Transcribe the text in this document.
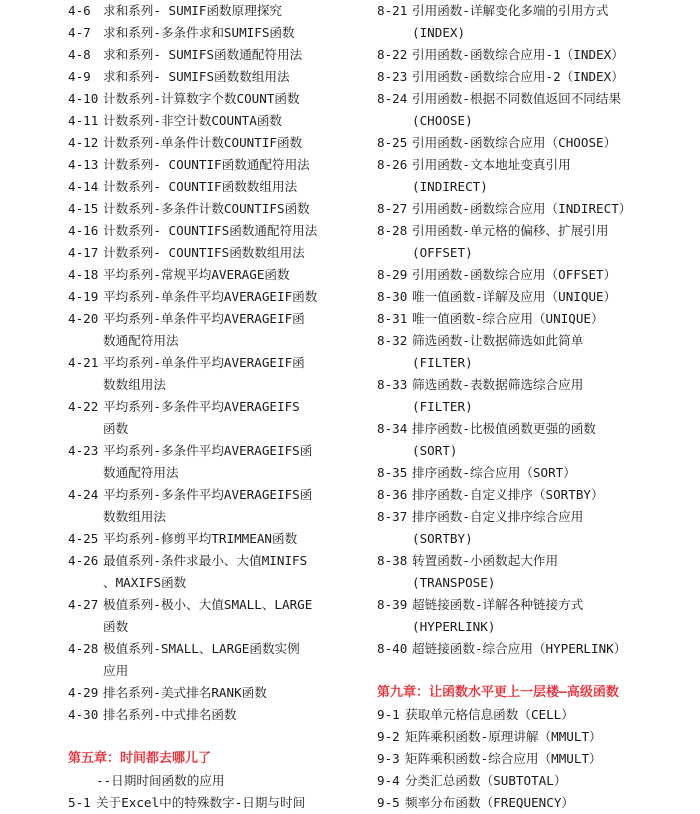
4-6 求和系列- SUMIF函数原理探究
4-7 求和系列-多条件求和SUMIFS函数
4-8 求和系列- SUMIFS函数通配符用法
4-9 求和系列- SUMIFS函数数组用法
4-10 计数系列-计算数字个数COUNT函数
4-11 计数系列-非空计数COUNTA函数
4-12 计数系列-单条件计数COUNTIF函数
4-13 计数系列- COUNTIF函数通配符用法
4-14 计数系列- COUNTIF函数数组用法
4-15 计数系列-多条件计数COUNTIFS函数
4-16 计数系列- COUNTIFS函数通配符用法
4-17 计数系列- COUNTIFS函数数组用法
4-18 平均系列-常规平均AVERAGE函数
4-19 平均系列-单条件平均AVERAGEIF函数
4-20 平均系列-单条件平均AVERAGEIF函
数通配符用法
4-21 平均系列-单条件平均AVERAGEIF函
数数组用法
4-22 平均系列-多条件平均AVERAGEIFS
函数
4-23 平均系列-多条件平均AVERAGEIFS函
数通配符用法
4-24 平均系列-多条件平均AVERAGEIFS函
数数组用法
4-25 平均系列-修剪平均TRIMMEAN函数
4-26 最值系列-条件求最小、大值MINIFS
、MAXIFS函数
4-27 极值系列-极小、大值SMALL、LARGE
函数
4-28 极值系列-SMALL、LARGE函数实例
应用
4-29 排名系列-美式排名RANK函数
4-30 排名系列-中式排名函数
第五章：时间都去哪儿了
--日期时间函数的应用
5-1 关于Excel中的特殊数字-日期与时间
8-21 引用函数-详解变化多端的引用方式
(INDEX)
8-22 引用函数-函数综合应用-1（INDEX）
8-23 引用函数-函数综合应用-2（INDEX）
8-24 引用函数-根据不同数值返回不同结果
(CHOOSE)
8-25 引用函数-函数综合应用（CHOOSE）
8-26 引用函数-文本地址变真引用
(INDIRECT)
8-27 引用函数-函数综合应用（INDIRECT）
8-28 引用函数-单元格的偏移、扩展引用
(OFFSET)
8-29 引用函数-函数综合应用（OFFSET）
8-30 唯一值函数-详解及应用（UNIQUE）
8-31 唯一值函数-综合应用（UNIQUE）
8-32 筛选函数-让数据筛选如此简单
(FILTER)
8-33 筛选函数-表数据筛选综合应用
(FILTER)
8-34 排序函数-比极值函数更强的函数
(SORT)
8-35 排序函数-综合应用（SORT）
8-36 排序函数-自定义排序（SORTBY）
8-37 排序函数-自定义排序综合应用
(SORTBY)
8-38 转置函数-小函数起大作用
(TRANSPOSE)
8-39 超链接函数-详解各种链接方式
(HYPERLINK)
8-40 超链接函数-综合应用（HYPERLINK）
第九章：让函数水平更上一层楼—高级函数
9-1 获取单元格信息函数（CELL）
9-2 矩阵乘积函数-原理讲解（MMULT）
9-3 矩阵乘积函数-综合应用（MMULT）
9-4 分类汇总函数（SUBTOTAL）
9-5 频率分布函数（FREQUENCY）
